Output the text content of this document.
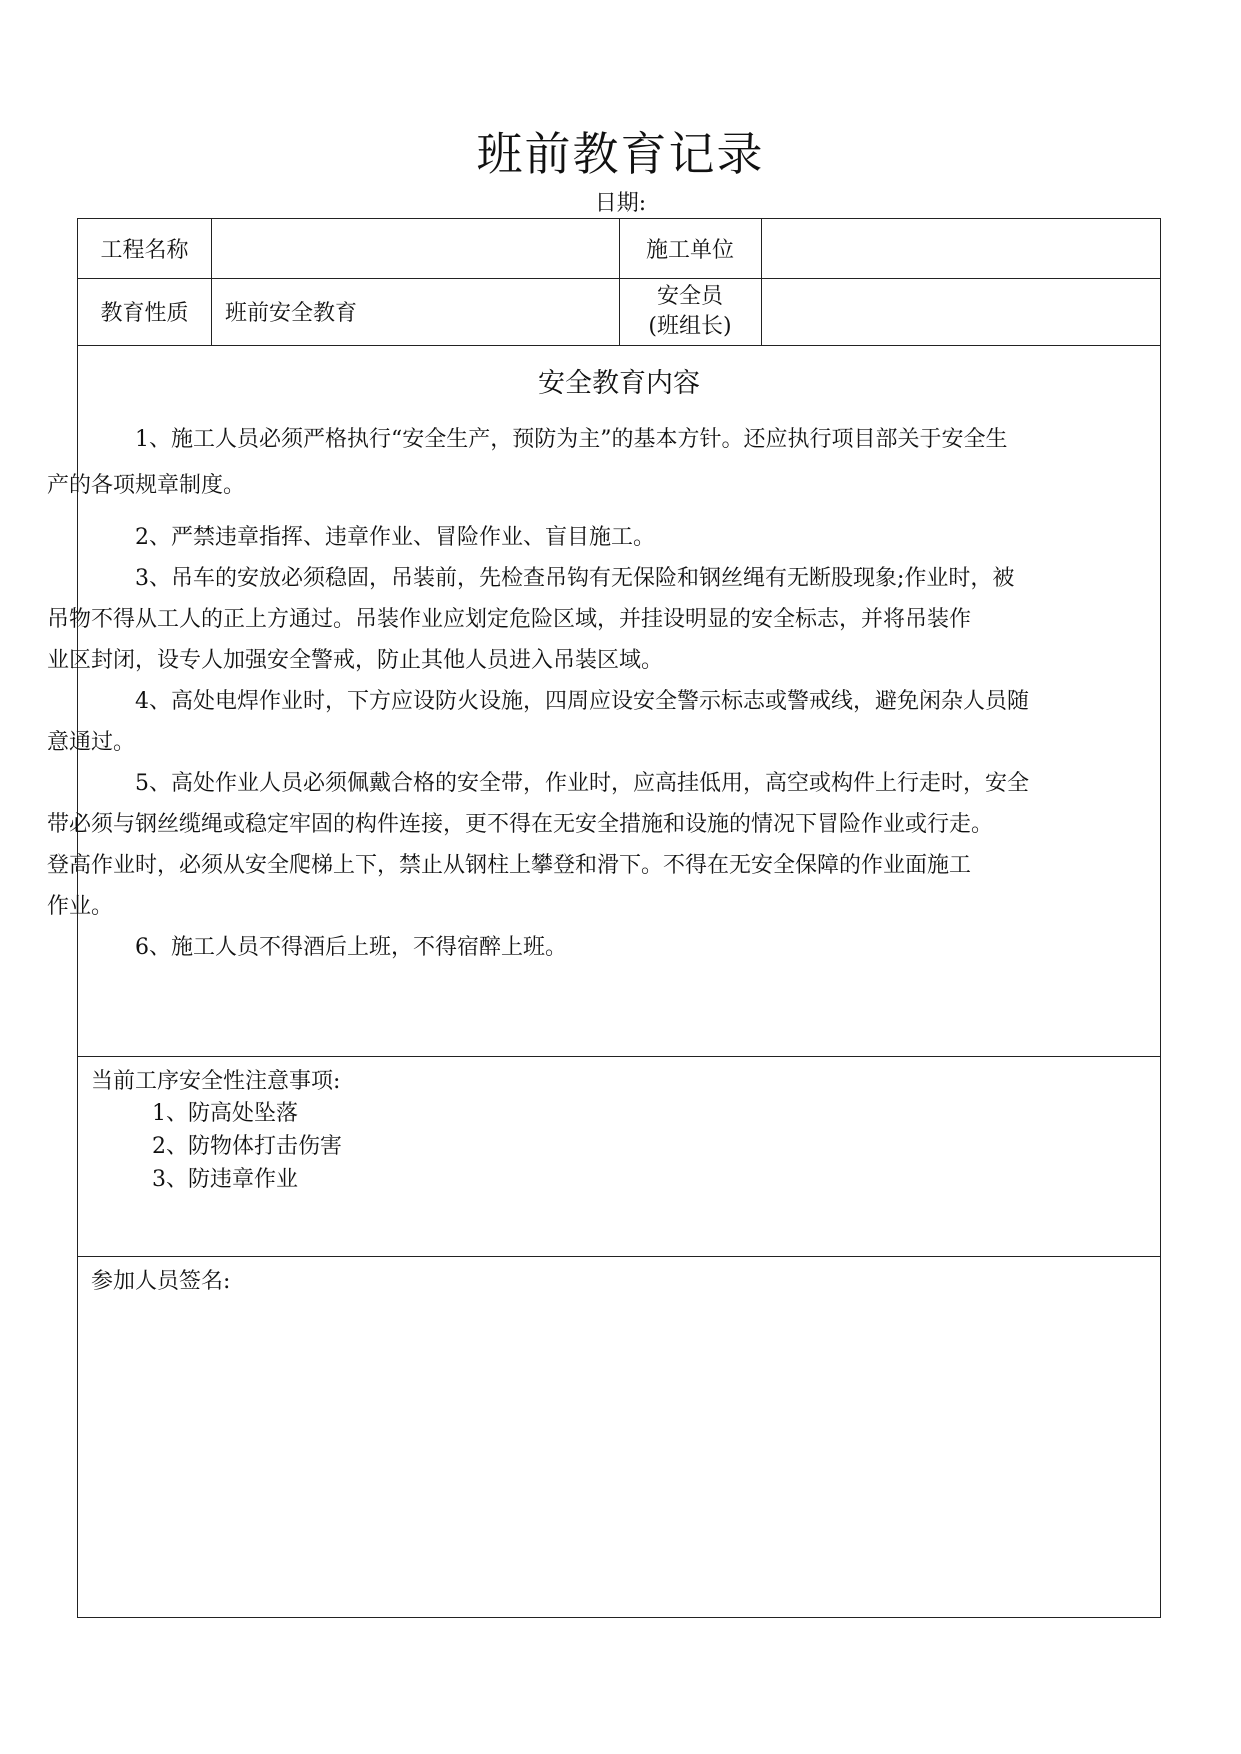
班前教育记录
日期:
工程名称	施工单位
教育性质	班前安全教育
安全员
(班组长)
安全教育内容
1、施工人员必须严格执行“安全生产，预防为主”的基本方针。还应执行项目部关于安全生
产的各项规章制度。
2、严禁违章指挥、违章作业、冒险作业、盲目施工。
3、吊车的安放必须稳固，吊装前，先检查吊钩有无保险和钢丝绳有无断股现象;作业时，被
吊物不得从工人的正上方通过。吊装作业应划定危险区域，并挂设明显的安全标志，并将吊装作
业区封闭，设专人加强安全警戒，防止其他人员进入吊装区域。
4、高处电焊作业时，下方应设防火设施，四周应设安全警示标志或警戒线，避免闲杂人员随
意通过。
5、高处作业人员必须佩戴合格的安全带，作业时，应高挂低用，高空或构件上行走时，安全
带必须与钢丝缆绳或稳定牢固的构件连接，更不得在无安全措施和设施的情况下冒险作业或行走。
登高作业时，必须从安全爬梯上下，禁止从钢柱上攀登和滑下。不得在无安全保障的作业面施工
作业。
6、施工人员不得酒后上班，不得宿醉上班。
当前工序安全性注意事项:
1、防高处坠落
2、防物体打击伤害
3、防违章作业
参加人员签名:
